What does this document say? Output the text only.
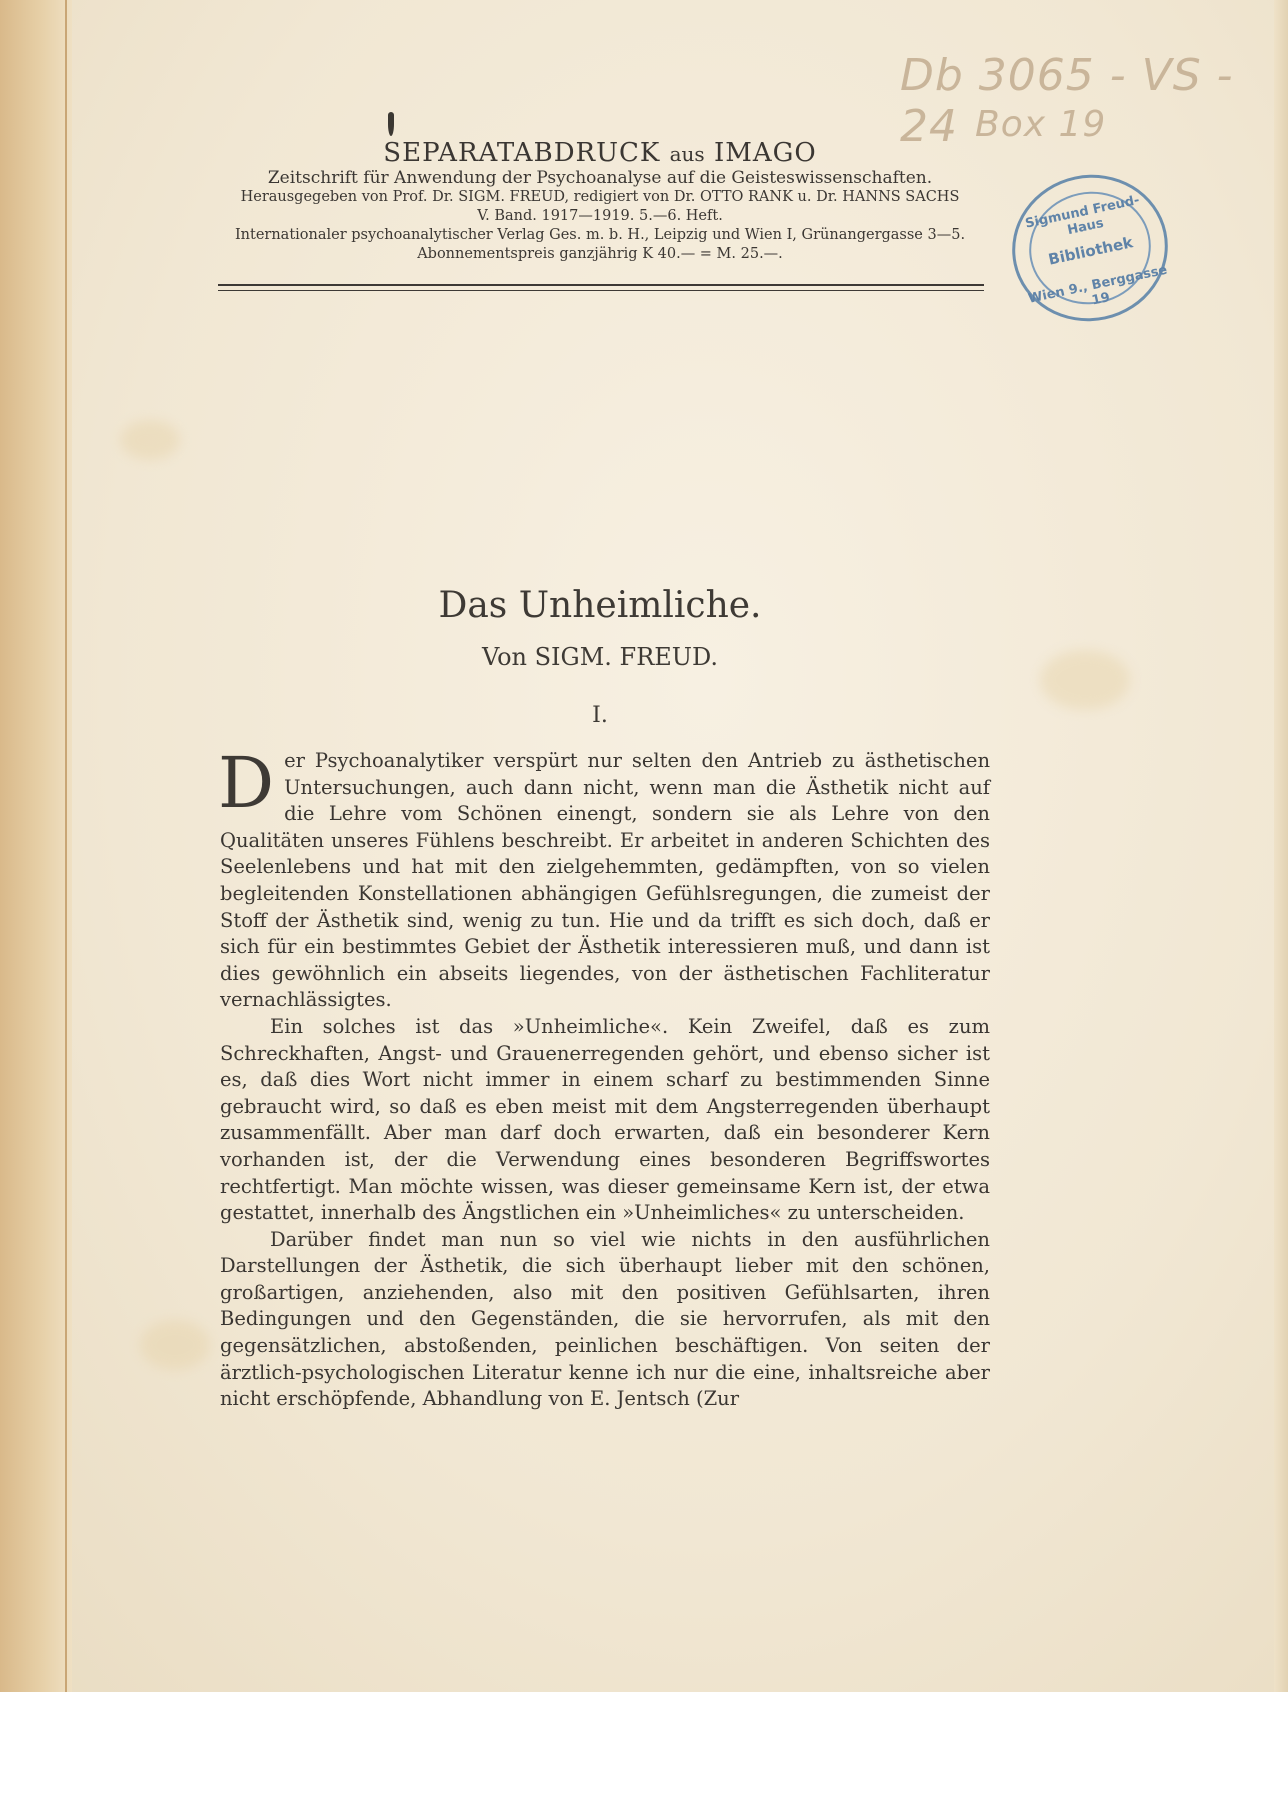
Db 3065 - VS - 24 Box 19
Sigmund Freud-Haus
Bibliothek
Wien 9., Berggasse 19
SEPARATABDRUCK aus IMAGO
Zeitschrift für Anwendung der Psychoanalyse auf die Geisteswissenschaften.
Herausgegeben von Prof. Dr. SIGM. FREUD, redigiert von Dr. OTTO RANK u. Dr. HANNS SACHS
V. Band. 1917—1919. 5.—6. Heft.
Internationaler psychoanalytischer Verlag Ges. m. b. H., Leipzig und Wien I, Grünangergasse 3—5.
Abonnementspreis ganzjährig K 40.— = M. 25.—.
Das Unheimliche.
Von SIGM. FREUD.
I.

Der Psychoanalytiker verspürt nur selten den Antrieb zu ästhetischen Untersuchungen, auch dann nicht, wenn man die Ästhetik nicht auf die Lehre vom Schönen einengt, sondern sie als Lehre von den Qualitäten unseres Fühlens beschreibt. Er arbeitet in anderen Schichten des Seelenlebens und hat mit den zielgehemmten, gedämpften, von so vielen begleitenden Konstellationen abhängigen Gefühlsregungen, die zumeist der Stoff der Ästhetik sind, wenig zu tun. Hie und da trifft es sich doch, daß er sich für ein bestimmtes Gebiet der Ästhetik interessieren muß, und dann ist dies gewöhnlich ein abseits liegendes, von der ästhetischen Fachliteratur vernachlässigtes.

Ein solches ist das »Unheimliche«. Kein Zweifel, daß es zum Schreckhaften, Angst- und Grauenerregenden gehört, und ebenso sicher ist es, daß dies Wort nicht immer in einem scharf zu bestimmenden Sinne gebraucht wird, so daß es eben meist mit dem Angsterregenden überhaupt zusammenfällt. Aber man darf doch erwarten, daß ein besonderer Kern vorhanden ist, der die Verwendung eines besonderen Begriffswortes rechtfertigt. Man möchte wissen, was dieser gemeinsame Kern ist, der etwa gestattet, innerhalb des Ängstlichen ein »Unheimliches« zu unterscheiden.

Darüber findet man nun so viel wie nichts in den ausführlichen Darstellungen der Ästhetik, die sich überhaupt lieber mit den schönen, großartigen, anziehenden, also mit den positiven Gefühlsarten, ihren Bedingungen und den Gegenständen, die sie hervorrufen, als mit den gegensätzlichen, abstoßenden, peinlichen beschäftigen. Von seiten der ärztlich-psychologischen Literatur kenne ich nur die eine, inhaltsreiche aber nicht erschöpfende, Abhandlung von E. Jentsch (Zur
